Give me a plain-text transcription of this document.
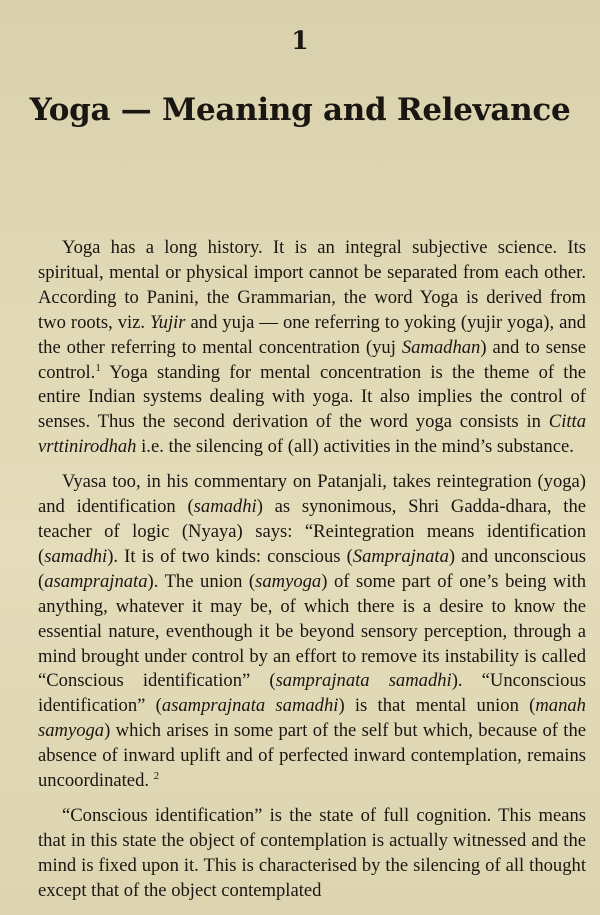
1
Yoga — Meaning and Relevance

Yoga has a long history. It is an integral subjective science. Its spiritual, mental or physical import cannot be separated from each other. According to Panini, the Grammarian, the word Yoga is derived from two roots, viz. Yujir and yuja — one referring to yoking (yujir yoga), and the other referring to mental concentration (yuj Samadhan) and to sense control.$^1$ Yoga standing for mental concentration is the theme of the entire Indian systems dealing with yoga. It also implies the control of senses. Thus the second derivation of the word yoga consists in Citta vrttinirodhah i.e. the silencing of (all) activities in the mind’s substance.

Vyasa too, in his commentary on Patanjali, takes reintegration (yoga) and identification (samadhi) as synonimous, Shri Gadda-dhara, the teacher of logic (Nyaya) says: “Reintegration means identification (samadhi). It is of two kinds: conscious (Samprajnata) and unconscious (asamprajnata). The union (samyoga) of some part of one’s being with anything, whatever it may be, of which there is a desire to know the essential nature, eventhough it be beyond sensory perception, through a mind brought under control by an effort to remove its instability is called “Conscious identification” (samprajnata samadhi). “Unconscious identification” (asamprajnata samadhi) is that mental union (manah samyoga) which arises in some part of the self but which, because of the absence of inward uplift and of perfected inward contemplation, remains uncoordinated. $^2$

“Conscious identification” is the state of full cognition. This means that in this state the object of contemplation is actually witnessed and the mind is fixed upon it. This is characterised by the silencing of all thought except that of the object contemplated
